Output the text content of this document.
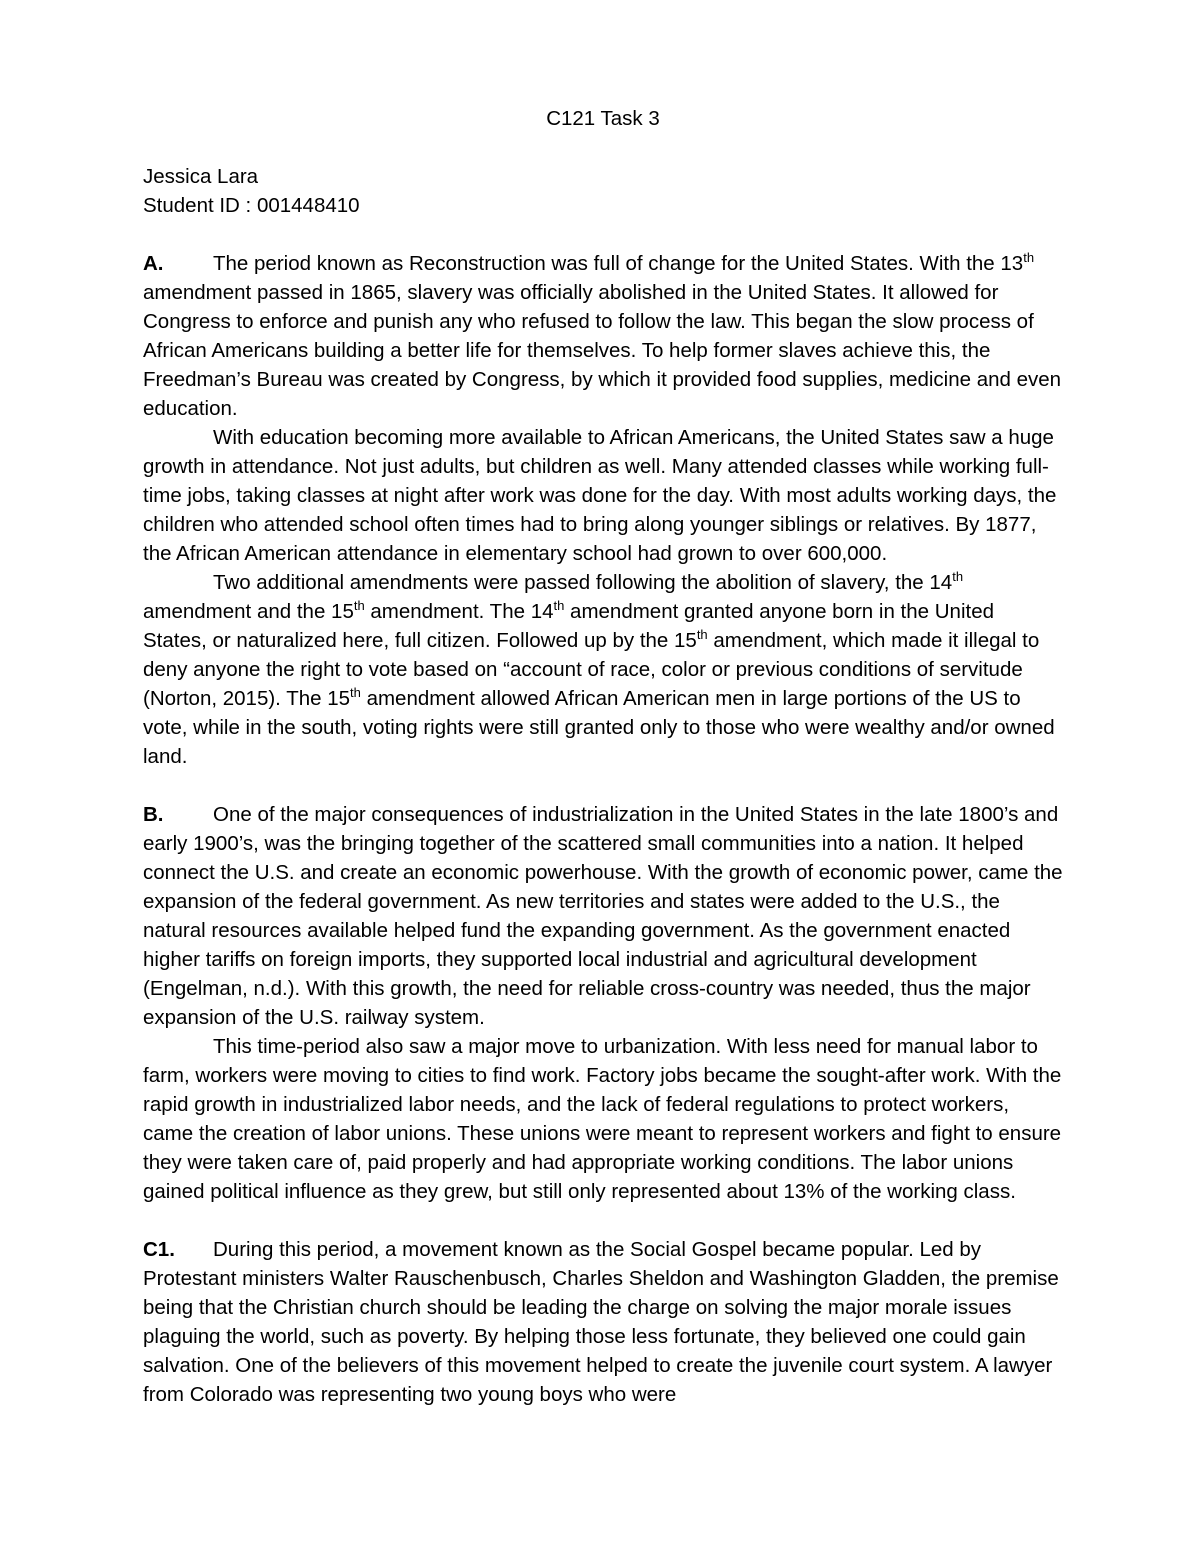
C121 Task 3

Jessica Lara

Student ID : 001448410

A. The period known as Reconstruction was full of change for the United States. With the 13th amendment passed in 1865, slavery was officially abolished in the United States. It allowed for Congress to enforce and punish any who refused to follow the law. This began the slow process of African Americans building a better life for themselves. To help former slaves achieve this, the Freedman’s Bureau was created by Congress, by which it provided food supplies, medicine and even education.

With education becoming more available to African Americans, the United States saw a huge growth in attendance. Not just adults, but children as well. Many attended classes while working full-time jobs, taking classes at night after work was done for the day. With most adults working days, the children who attended school often times had to bring along younger siblings or relatives. By 1877, the African American attendance in elementary school had grown to over 600,000.

Two additional amendments were passed following the abolition of slavery, the 14th amendment and the 15th amendment. The 14th amendment granted anyone born in the United States, or naturalized here, full citizen. Followed up by the 15th amendment, which made it illegal to deny anyone the right to vote based on “account of race, color or previous conditions of servitude (Norton, 2015). The 15th amendment allowed African American men in large portions of the US to vote, while in the south, voting rights were still granted only to those who were wealthy and/or owned land.

B. One of the major consequences of industrialization in the United States in the late 1800’s and early 1900’s, was the bringing together of the scattered small communities into a nation. It helped connect the U.S. and create an economic powerhouse. With the growth of economic power, came the expansion of the federal government. As new territories and states were added to the U.S., the natural resources available helped fund the expanding government. As the government enacted higher tariffs on foreign imports, they supported local industrial and agricultural development (Engelman, n.d.). With this growth, the need for reliable cross-country was needed, thus the major expansion of the U.S. railway system.

This time-period also saw a major move to urbanization. With less need for manual labor to farm, workers were moving to cities to find work. Factory jobs became the sought-after work. With the rapid growth in industrialized labor needs, and the lack of federal regulations to protect workers, came the creation of labor unions. These unions were meant to represent workers and fight to ensure they were taken care of, paid properly and had appropriate working conditions. The labor unions gained political influence as they grew, but still only represented about 13% of the working class.

C1. During this period, a movement known as the Social Gospel became popular. Led by Protestant ministers Walter Rauschenbusch, Charles Sheldon and Washington Gladden, the premise being that the Christian church should be leading the charge on solving the major morale issues plaguing the world, such as poverty. By helping those less fortunate, they believed one could gain salvation. One of the believers of this movement helped to create the juvenile court system. A lawyer from Colorado was representing two young boys who were
